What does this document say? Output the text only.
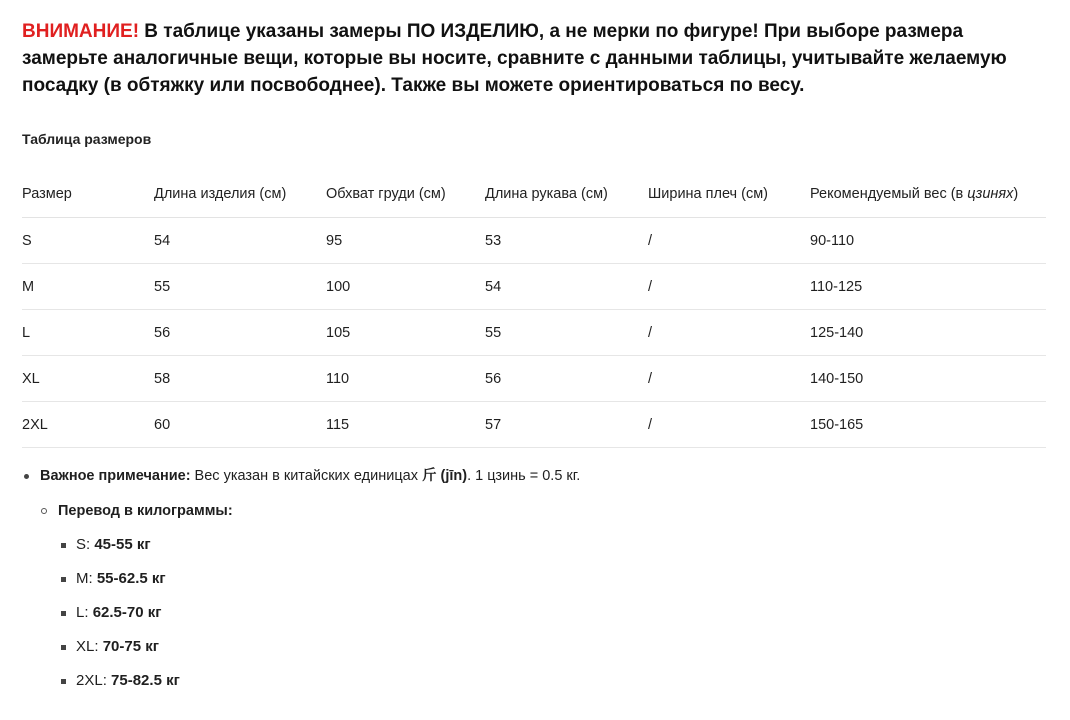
ВНИМАНИЕ! В таблице указаны замеры ПО ИЗДЕЛИЮ, а не мерки по фигуре! При выборе размера замерьте аналогичные вещи, которые вы носите, сравните с данными таблицы, учитывайте желаемую посадку (в обтяжку или посвободнее). Также вы можете ориентироваться по весу.
Таблица размеров
Размер	Длина изделия (см)	Обхват груди (см)	Длина рукава (см)	Ширина плеч (см)	Рекомендуемый вес (в цзинях)
S	54	95	53	/	90-110
M	55	100	54	/	110-125
L	56	105	55	/	125-140
XL	58	110	56	/	140-150
2XL	60	115	57	/	150-165
Важное примечание: Вес указан в китайских единицах 斤 (jīn). 1 цзинь = 0.5 кг.
Перевод в килограммы:
S: 45-55 кг
M: 55-62.5 кг
L: 62.5-70 кг
XL: 70-75 кг
2XL: 75-82.5 кг
